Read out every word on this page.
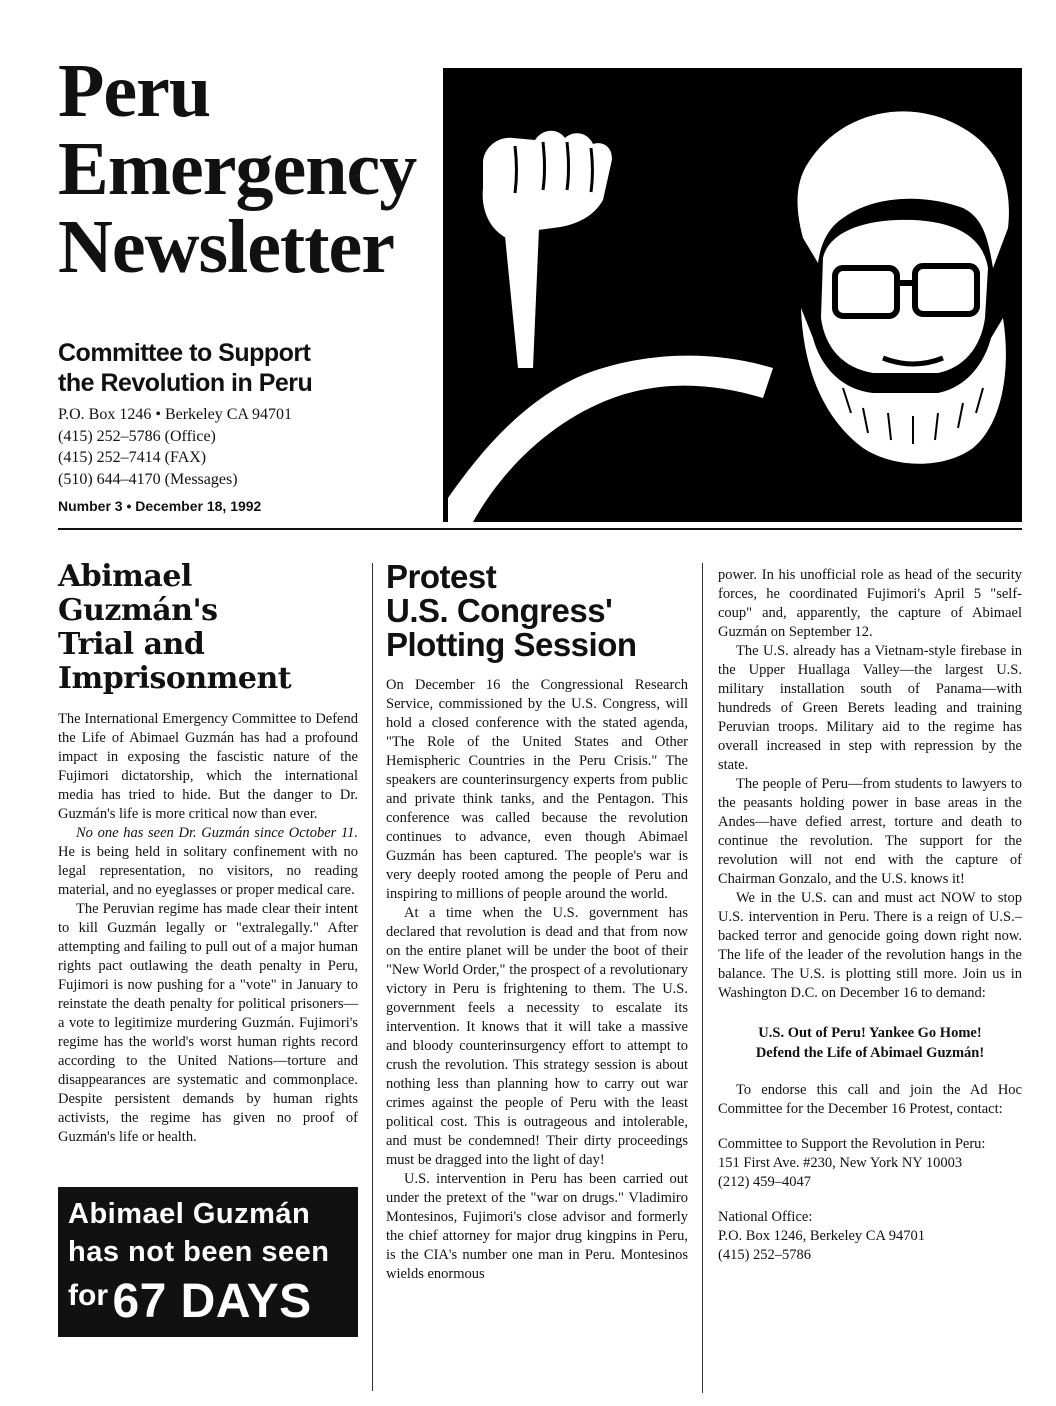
Peru
Emergency
Newsletter
Committee to Support
the Revolution in Peru
P.O. Box 1246 • Berkeley CA 94701
(415) 252–5786 (Office)
(415) 252–7414 (FAX)
(510) 644–4170 (Messages)
Number 3 • December 18, 1992
Abimael Guzmán's
Trial and
Imprisonment

The International Emergency Committee to Defend the Life of Abimael Guzmán has had a profound impact in exposing the fascistic nature of the Fujimori dictatorship, which the international media has tried to hide. But the danger to Dr. Guzmán's life is more critical now than ever.

No one has seen Dr. Guzmán since October 11. He is being held in solitary confinement with no legal representation, no visitors, no reading material, and no eyeglasses or proper medical care.

The Peruvian regime has made clear their intent to kill Guzmán legally or "extralegally." After attempting and failing to pull out of a major human rights pact outlawing the death penalty in Peru, Fujimori is now pushing for a "vote" in January to reinstate the death penalty for political prisoners—a vote to legitimize murdering Guzmán. Fujimori's regime has the world's worst human rights record according to the United Nations—torture and disappearances are systematic and commonplace. Despite persistent demands by human rights activists, the regime has given no proof of Guzmán's life or health.

Abimael Guzmán
has not been seen
for 67 DAYS
Protest
U.S. Congress'
Plotting Session

On December 16 the Congressional Research Service, commissioned by the U.S. Congress, will hold a closed conference with the stated agenda, "The Role of the United States and Other Hemispheric Countries in the Peru Crisis." The speakers are counterinsurgency experts from public and private think tanks, and the Pentagon. This conference was called because the revolution continues to advance, even though Abimael Guzmán has been captured. The people's war is very deeply rooted among the people of Peru and inspiring to millions of people around the world.

At a time when the U.S. government has declared that revolution is dead and that from now on the entire planet will be under the boot of their "New World Order," the prospect of a revolutionary victory in Peru is frightening to them. The U.S. government feels a necessity to escalate its intervention. It knows that it will take a massive and bloody counterinsurgency effort to attempt to crush the revolution. This strategy session is about nothing less than planning how to carry out war crimes against the people of Peru with the least political cost. This is outrageous and intolerable, and must be condemned! Their dirty proceedings must be dragged into the light of day!

U.S. intervention in Peru has been carried out under the pretext of the "war on drugs." Vladimiro Montesinos, Fujimori's close advisor and formerly the chief attorney for major drug kingpins in Peru, is the CIA's number one man in Peru. Montesinos wields enormous

power. In his unofficial role as head of the security forces, he coordinated Fujimori's April 5 "self-coup" and, apparently, the capture of Abimael Guzmán on September 12.

The U.S. already has a Vietnam-style firebase in the Upper Huallaga Valley—the largest U.S. military installation south of Panama—with hundreds of Green Berets leading and training Peruvian troops. Military aid to the regime has overall increased in step with repression by the state.

The people of Peru—from students to lawyers to the peasants holding power in base areas in the Andes—have defied arrest, torture and death to continue the revolution. The support for the revolution will not end with the capture of Chairman Gonzalo, and the U.S. knows it!

We in the U.S. can and must act NOW to stop U.S. intervention in Peru. There is a reign of U.S.–backed terror and genocide going down right now. The life of the leader of the revolution hangs in the balance. The U.S. is plotting still more. Join us in Washington D.C. on December 16 to demand:

U.S. Out of Peru! Yankee Go Home!
Defend the Life of Abimael Guzmán!

To endorse this call and join the Ad Hoc Committee for the December 16 Protest, contact:

Committee to Support the Revolution in Peru:
151 First Ave. #230, New York NY 10003
(212) 459–4047
National Office:
P.O. Box 1246, Berkeley CA 94701
(415) 252–5786
